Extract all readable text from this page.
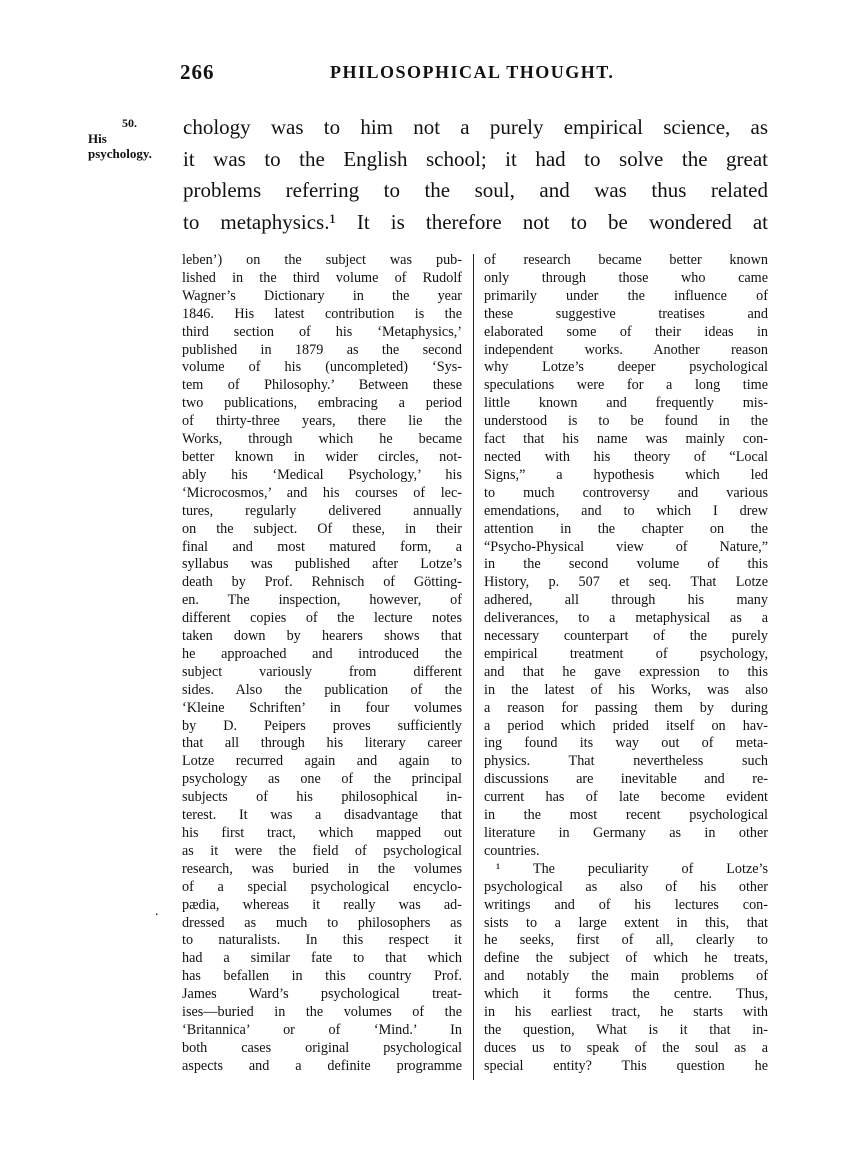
266	PHILOSOPHICAL THOUGHT.
50.
His
psychology.
chology was to him not a purely empirical science, as
it was to the English school; it had to solve the great
problems referring to the soul, and was thus related
to metaphysics.¹ It is therefore not to be wondered at
leben’) on the subject was pub-
lished in the third volume of Rudolf
Wagner’s Dictionary in the year
1846. His latest contribution is the
third section of his ‘Metaphysics,’
published in 1879 as the second
volume of his (uncompleted) ‘Sys-
tem of Philosophy.’ Between these
two publications, embracing a period
of thirty-three years, there lie the
Works, through which he became
better known in wider circles, not-
ably his ‘Medical Psychology,’ his
‘Microcosmos,’ and his courses of lec-
tures, regularly delivered annually
on the subject. Of these, in their
final and most matured form, a
syllabus was published after Lotze’s
death by Prof. Rehnisch of Götting-
en. The inspection, however, of
different copies of the lecture notes
taken down by hearers shows that
he approached and introduced the
subject variously from different
sides. Also the publication of the
‘Kleine Schriften’ in four volumes
by D. Peipers proves sufficiently
that all through his literary career
Lotze recurred again and again to
psychology as one of the principal
subjects of his philosophical in-
terest. It was a disadvantage that
his first tract, which mapped out
as it were the field of psychological
research, was buried in the volumes
of a special psychological encyclo-
pædia, whereas it really was ad-
dressed as much to philosophers as
to naturalists. In this respect it
had a similar fate to that which
has befallen in this country Prof.
James Ward’s psychological treat-
ises—buried in the volumes of the
‘Britannica’ or of ‘Mind.’ In
both cases original psychological
aspects and a definite programme
of research became better known
only through those who came
primarily under the influence of
these suggestive treatises and
elaborated some of their ideas in
independent works. Another reason
why Lotze’s deeper psychological
speculations were for a long time
little known and frequently mis-
understood is to be found in the
fact that his name was mainly con-
nected with his theory of “Local
Signs,” a hypothesis which led
to much controversy and various
emendations, and to which I drew
attention in the chapter on the
“Psycho-Physical view of Nature,”
in the second volume of this
History, p. 507 et seq. That Lotze
adhered, all through his many
deliverances, to a metaphysical as a
necessary counterpart of the purely
empirical treatment of psychology,
and that he gave expression to this
in the latest of his Works, was also
a reason for passing them by during
a period which prided itself on hav-
ing found its way out of meta-
physics. That nevertheless such
discussions are inevitable and re-
current has of late become evident
in the most recent psychological
literature in Germany as in other
countries.
¹ The peculiarity of Lotze’s
psychological as also of his other
writings and of his lectures con-
sists to a large extent in this, that
he seeks, first of all, clearly to
define the subject of which he treats,
and notably the main problems of
which it forms the centre. Thus,
in his earliest tract, he starts with
the question, What is it that in-
duces us to speak of the soul as a
special entity? This question he
.
